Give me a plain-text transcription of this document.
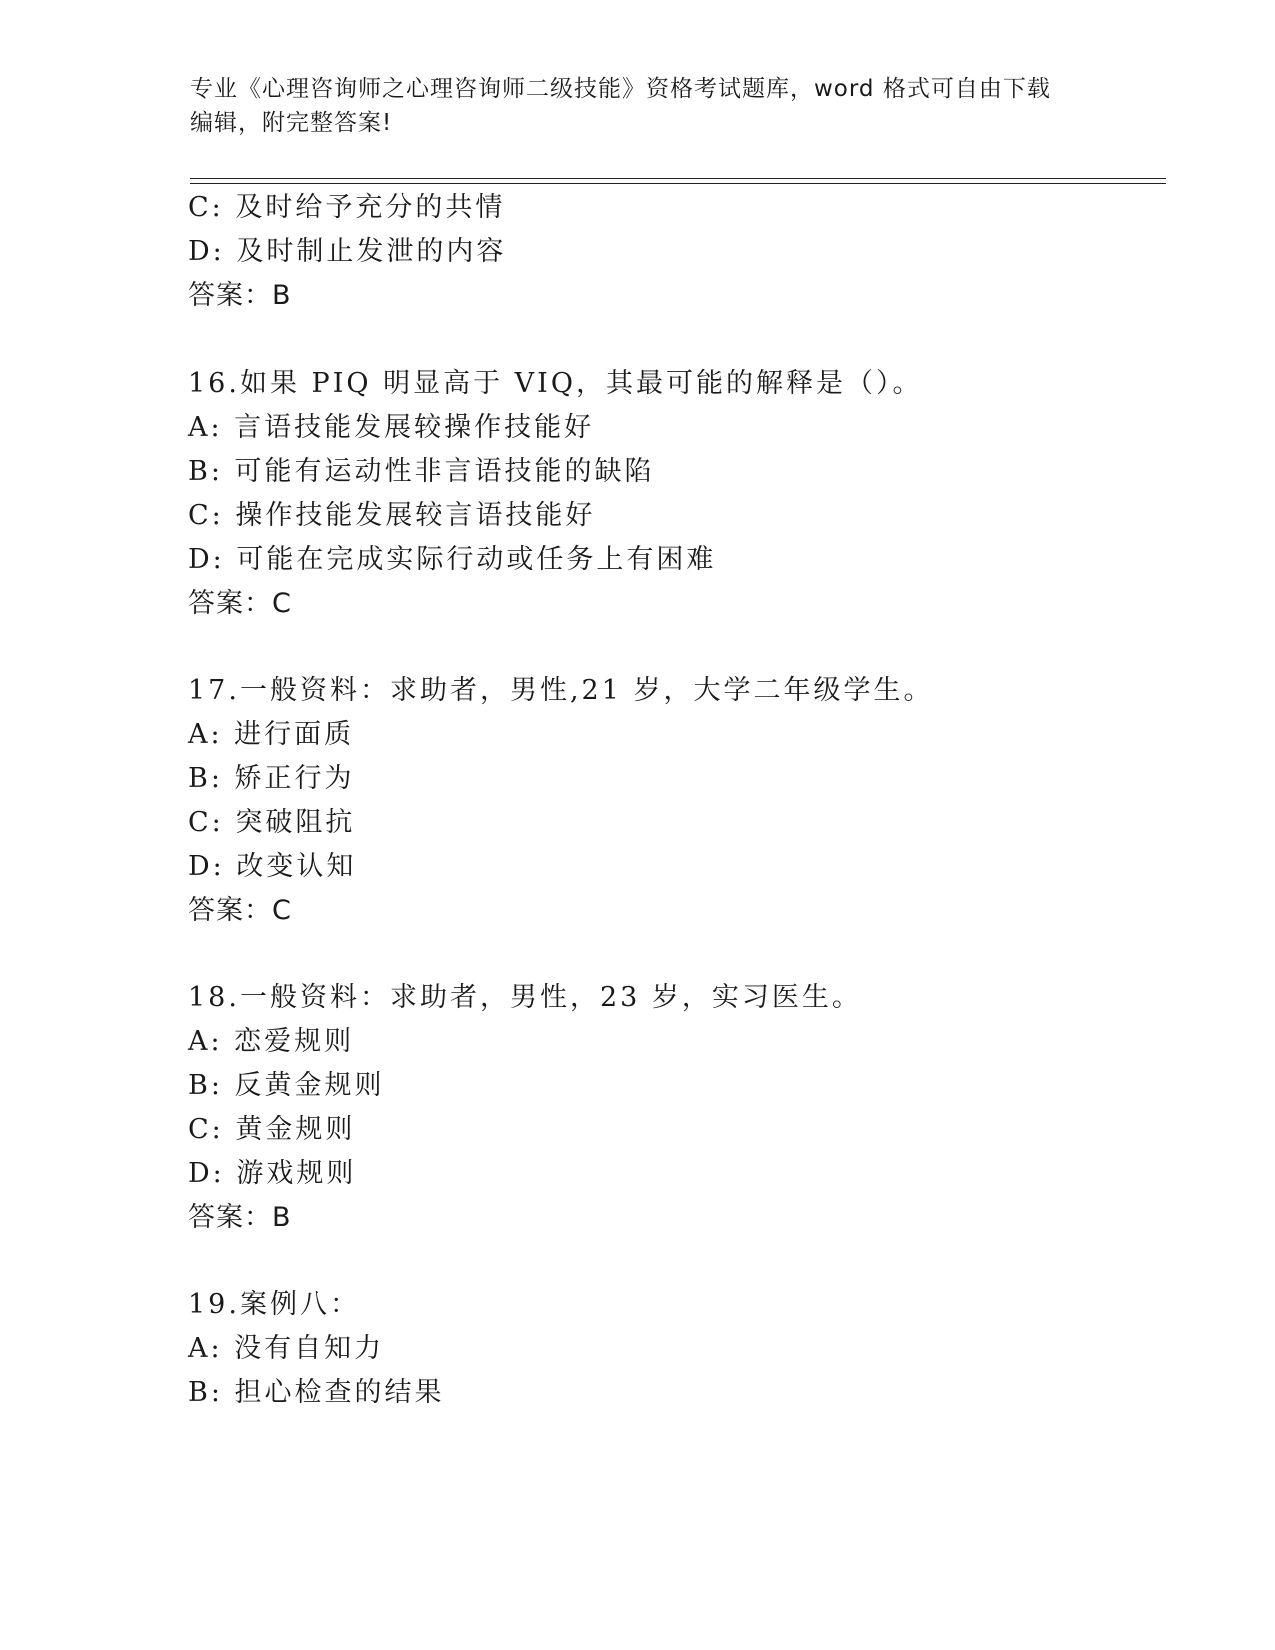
专业《心理咨询师之心理咨询师二级技能》资格考试题库，word 格式可自由下载
编辑，附完整答案!
C: 及时给予充分的共情
D: 及时制止发泄的内容
答案：B
16.如果 PIQ 明显高于 VIQ，其最可能的解释是（）。
A: 言语技能发展较操作技能好
B: 可能有运动性非言语技能的缺陷
C: 操作技能发展较言语技能好
D: 可能在完成实际行动或任务上有困难
答案：C
17.一般资料：求助者，男性,21 岁，大学二年级学生。
A: 进行面质
B: 矫正行为
C: 突破阻抗
D: 改变认知
答案：C
18.一般资料：求助者，男性，23 岁，实习医生。
A: 恋爱规则
B: 反黄金规则
C: 黄金规则
D: 游戏规则
答案：B
19.案例八：
A: 没有自知力
B: 担心检查的结果
